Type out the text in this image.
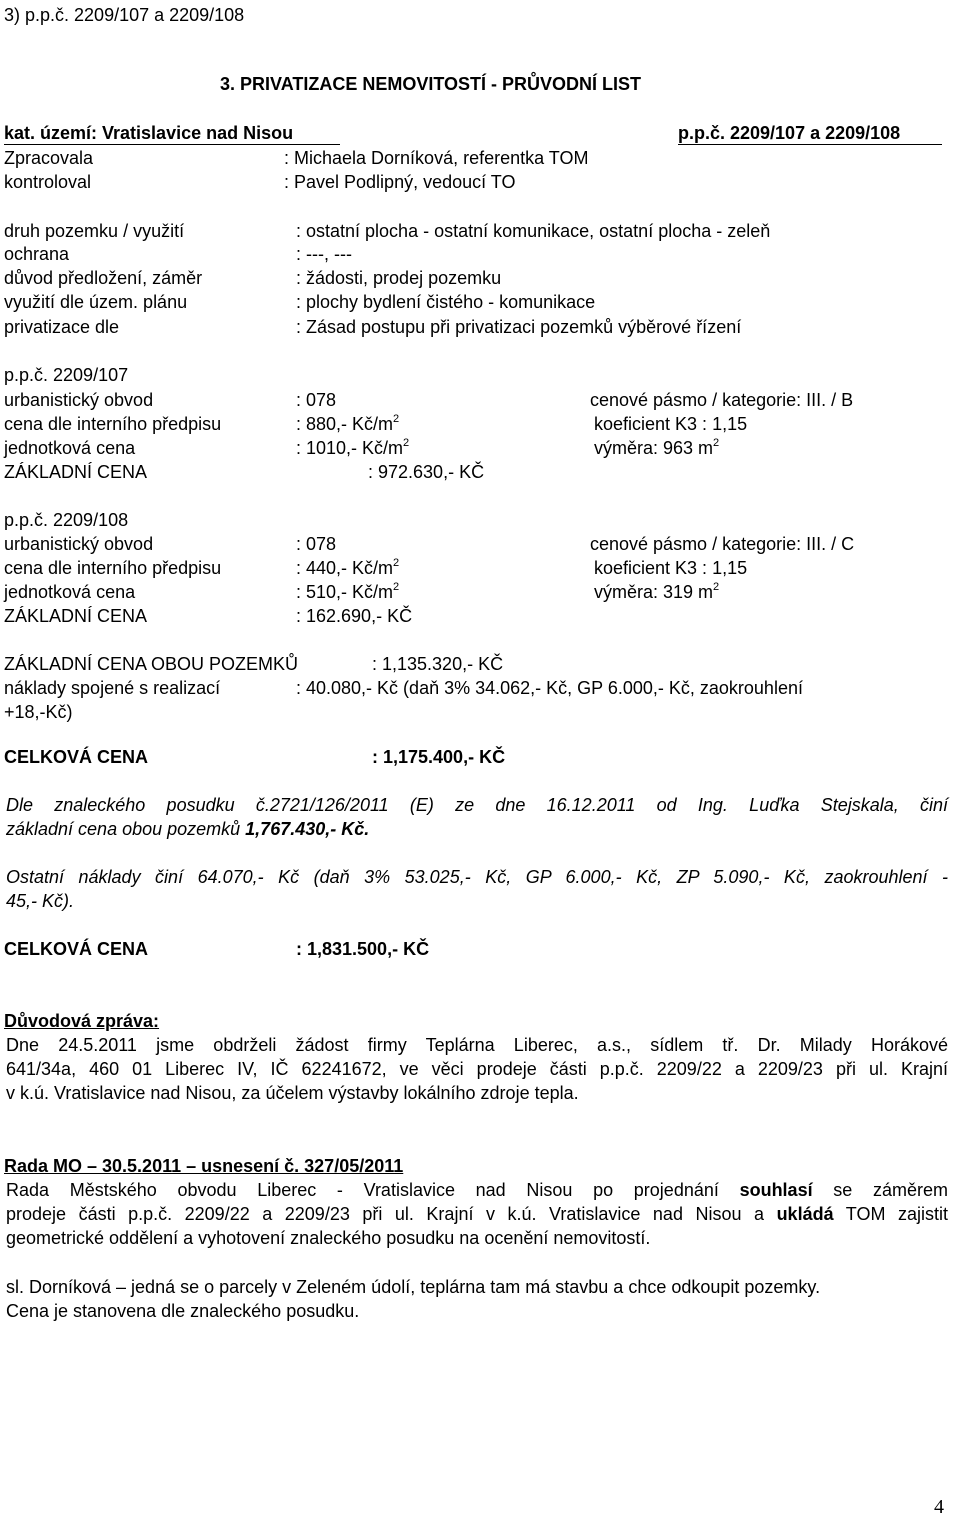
3) p.p.č. 2209/107 a 2209/108
3. PRIVATIZACE NEMOVITOSTÍ - PRŮVODNÍ LIST
kat. území: Vratislavice nad Nisou	p.p.č. 2209/107 a 2209/108
Zpracovala	: Michaela Dorníková, referentka TOM
kontroloval	: Pavel Podlipný, vedoucí TO
druh pozemku / využití	: ostatní plocha - ostatní komunikace, ostatní plocha - zeleň
ochrana	: ---, ---
důvod předložení, záměr	: žádosti, prodej pozemku
využití dle územ. plánu	: plochy bydlení čistého - komunikace
privatizace dle	: Zásad postupu při privatizaci pozemků výběrové řízení
p.p.č. 2209/107
urbanistický obvod	: 078	cenové pásmo / kategorie: III. / B
cena dle interního předpisu	: 880,- $Kč/m^2$	koeficient K3 : 1,15
jednotková cena	: 1010,- $Kč/m^2$	výměra: 963 $m^2$
ZÁKLADNÍ CENA	: 972.630,- KČ
p.p.č. 2209/108
urbanistický obvod	: 078	cenové pásmo / kategorie: III. / C
cena dle interního předpisu	: 440,- $Kč/m^2$	koeficient K3 : 1,15
jednotková cena	: 510,- $Kč/m^2$	výměra: 319 $m^2$
ZÁKLADNÍ CENA	: 162.690,- KČ
ZÁKLADNÍ CENA OBOU POZEMKŮ	: 1,135.320,- KČ
náklady spojené s realizací	: 40.080,- Kč (daň 3% 34.062,- Kč, GP 6.000,- Kč, zaokrouhlení
+18,-Kč)
CELKOVÁ CENA	: 1,175.400,- KČ
Dle znaleckého posudku č.2721/126/2011 (E) ze dne 16.12.2011 od Ing. Luďka Stejskala, činí
základní cena obou pozemků 1,767.430,- Kč.
Ostatní náklady činí 64.070,- Kč (daň 3% 53.025,- Kč, GP 6.000,- Kč, ZP 5.090,- Kč, zaokrouhlení -
45,- Kč).
CELKOVÁ CENA	: 1,831.500,- KČ
Důvodová zpráva:
Dne 24.5.2011 jsme obdrželi žádost firmy Teplárna Liberec, a.s., sídlem tř. Dr. Milady Horákové
641/34a, 460 01 Liberec IV, IČ 62241672, ve věci prodeje části p.p.č. 2209/22 a 2209/23 při ul. Krajní
v k.ú. Vratislavice nad Nisou, za účelem výstavby lokálního zdroje tepla.
Rada MO – 30.5.2011 – usnesení č. 327/05/2011
Rada Městského obvodu Liberec - Vratislavice nad Nisou po projednání souhlasí se záměrem
prodeje části p.p.č. 2209/22 a 2209/23 při ul. Krajní v k.ú. Vratislavice nad Nisou a ukládá TOM zajistit
geometrické oddělení a vyhotovení znaleckého posudku na ocenění nemovitostí.
sl. Dorníková – jedná se o parcely v Zeleném údolí, teplárna tam má stavbu a chce odkoupit pozemky.
Cena je stanovena dle znaleckého posudku.
4
